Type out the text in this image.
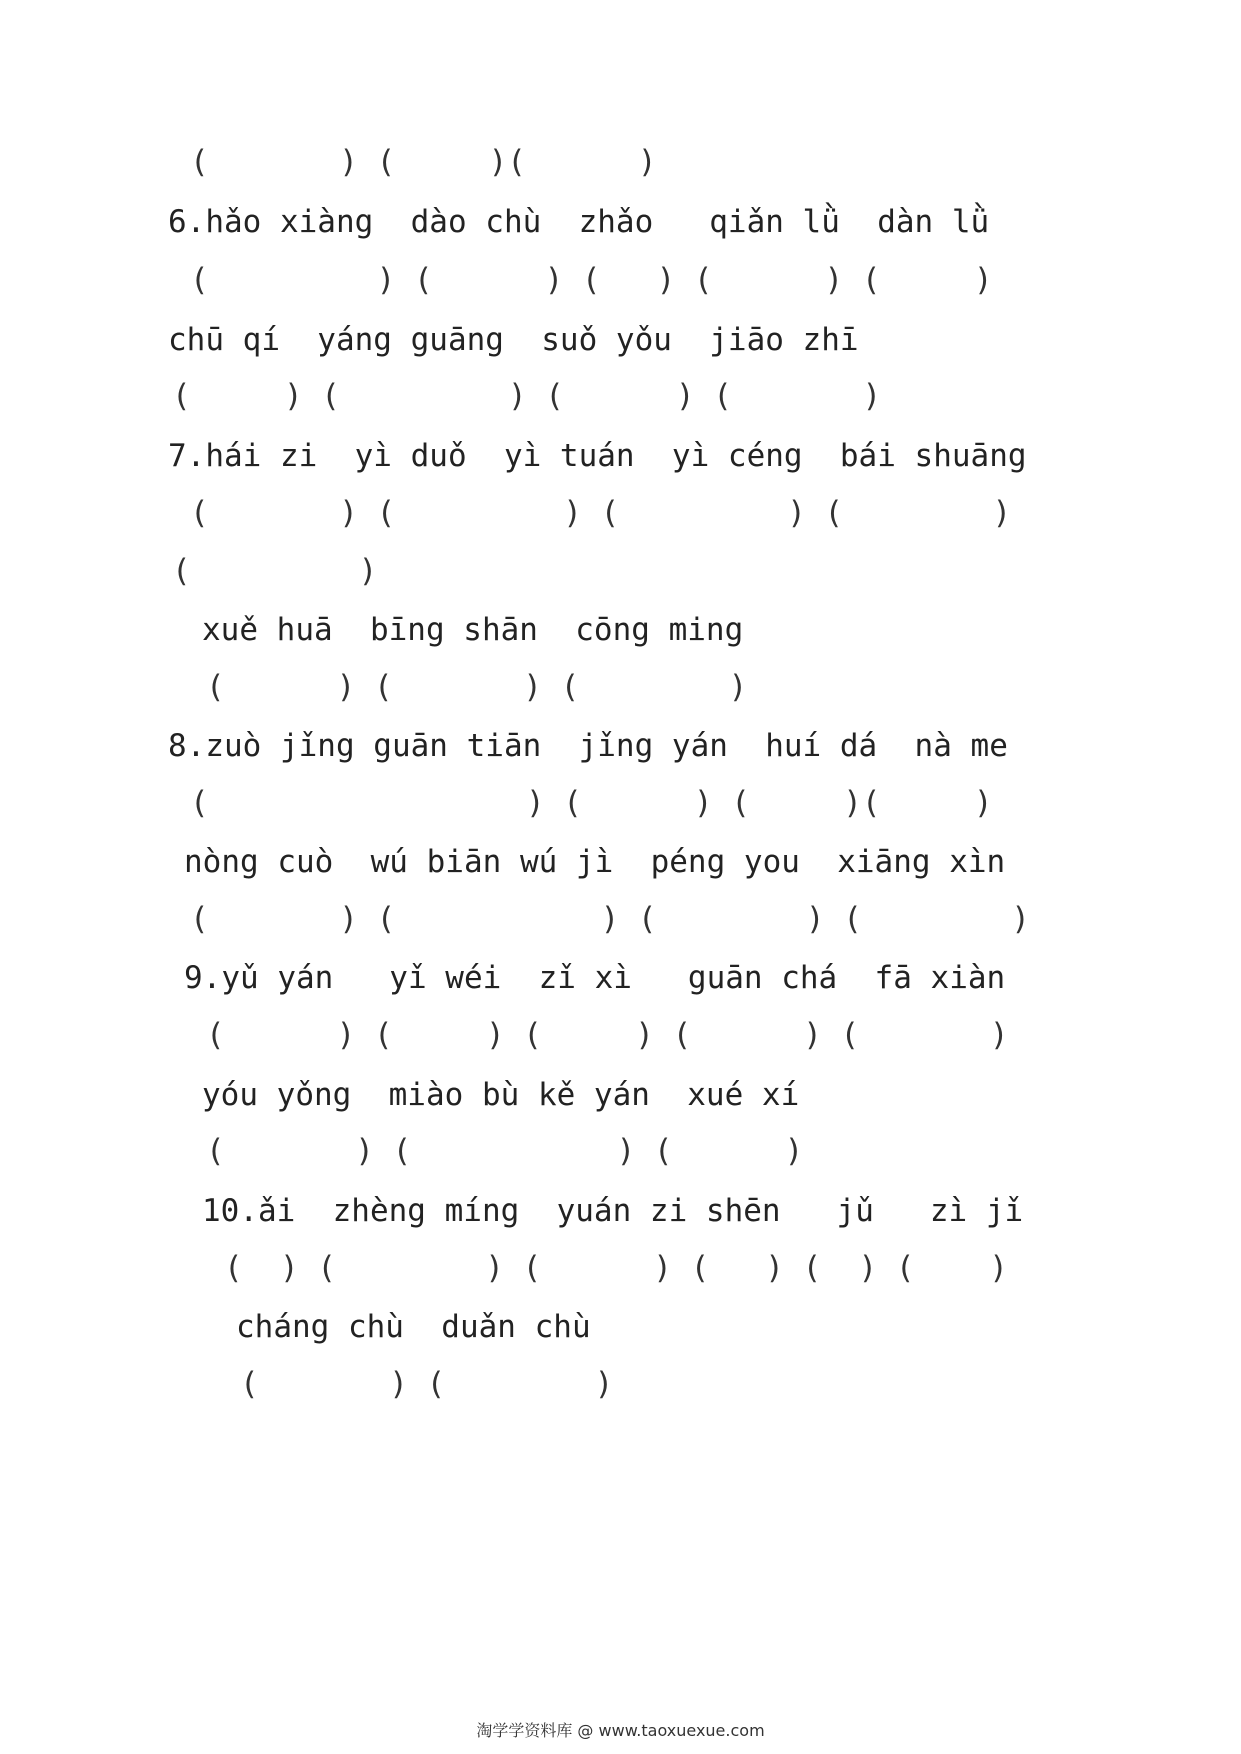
(       ) (     )(      )
6.hǎo xiàng  dào chù  zhǎo   qiǎn lǜ  dàn lǜ
(         ) (      ) (   ) (      ) (     )
chū qí  yáng guāng  suǒ yǒu  jiāo zhī
(     ) (         ) (      ) (       )
7.hái zi  yì duǒ  yì tuán  yì céng  bái shuāng
(       ) (         ) (         ) (        )
(         )
xuě huā  bīng shān  cōng ming
(      ) (       ) (        )
8.zuò jǐng guān tiān  jǐng yán  huí dá  nà me
(                 ) (      ) (     )(     )
nòng cuò  wú biān wú jì  péng you  xiāng xìn
(       ) (           ) (        ) (        )
9.yǔ yán   yǐ wéi  zǐ xì   guān chá  fā xiàn
(      ) (     ) (     ) (      ) (       )
yóu yǒng  miào bù kě yán  xué xí
(       ) (           ) (      )
10.ǎi  zhèng míng  yuán zi shēn   jǔ   zì jǐ
(  ) (        ) (      ) (   ) (  ) (    )
cháng chù  duǎn chù
(       ) (        )
淘学学资料库 @ www.taoxuexue.com
